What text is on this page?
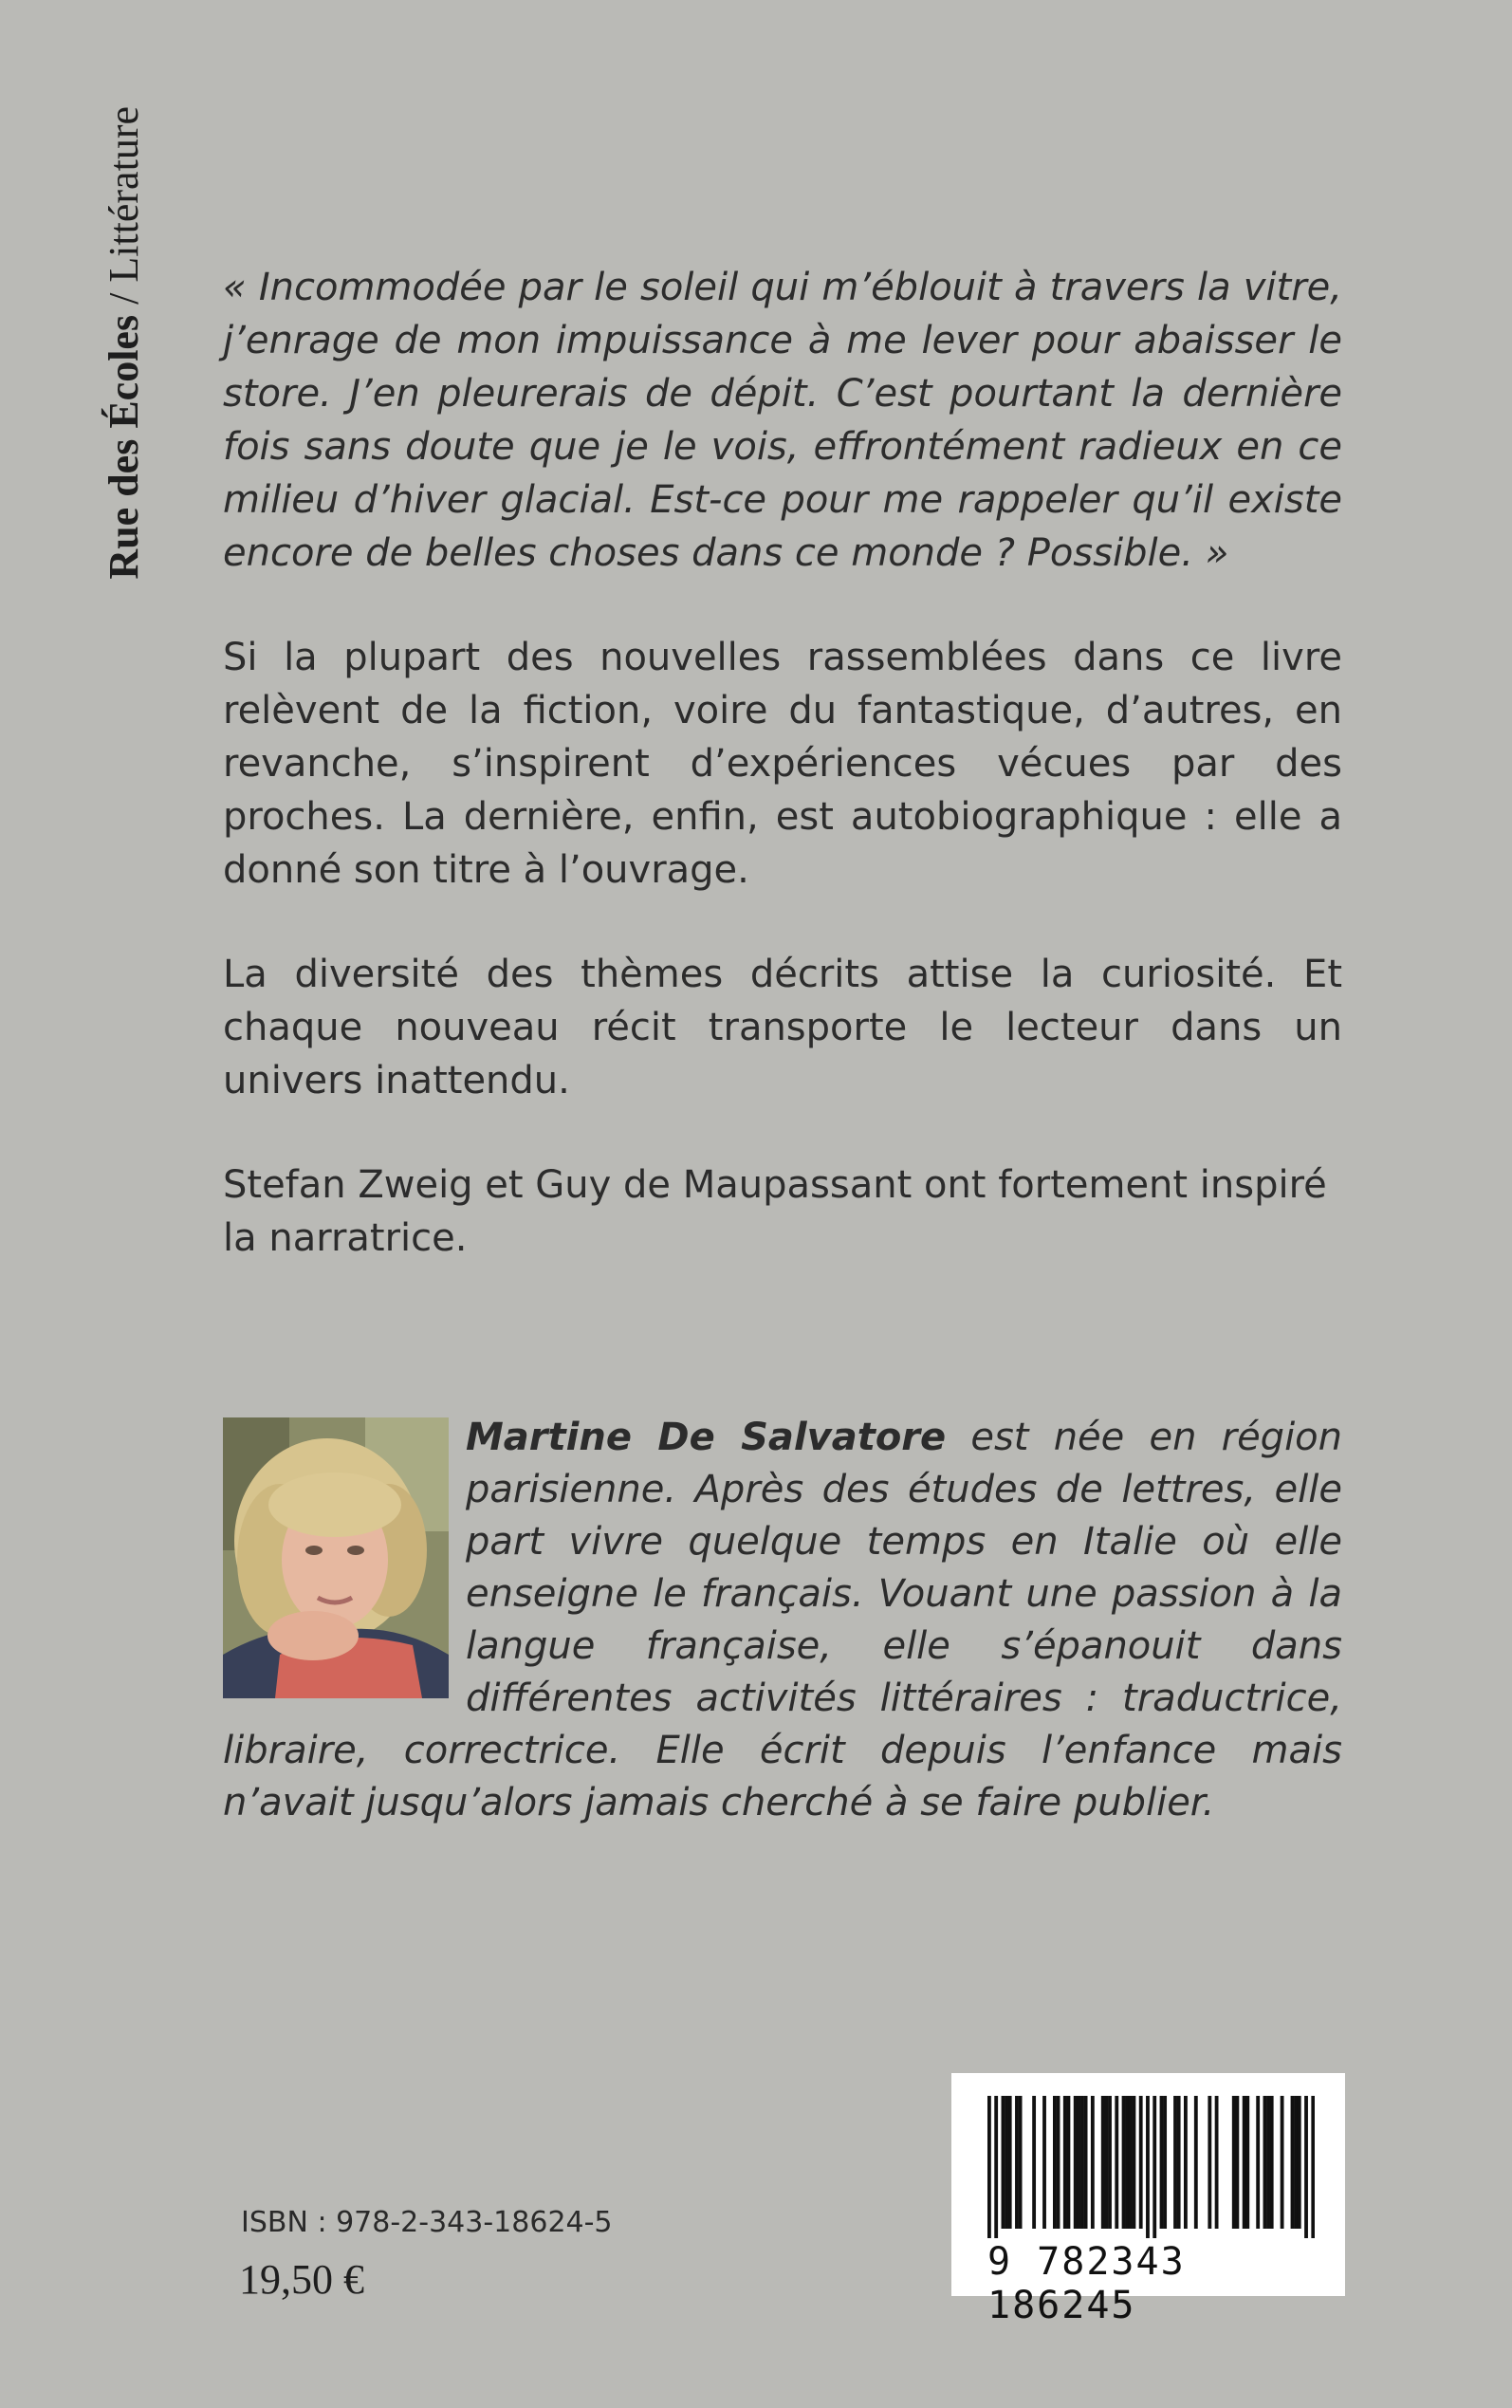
Rue des Écoles / Littérature

« Incommodée par le soleil qui m’éblouit à travers la vitre, j’enrage de mon impuissance à me lever pour abaisser le store. J’en pleurerais de dépit. C’est pourtant la dernière fois sans doute que je le vois, effrontément radieux en ce milieu d’hiver glacial. Est-ce pour me rappeler qu’il existe encore de belles choses dans ce monde ? Possible. »

Si la plupart des nouvelles rassemblées dans ce livre relèvent de la fiction, voire du fantastique, d’autres, en revanche, s’inspirent d’expériences vécues par des proches. La dernière, enfin, est autobiographique : elle a donné son titre à l’ouvrage.

La diversité des thèmes décrits attise la curiosité. Et chaque nouveau récit transporte le lecteur dans un univers inattendu.

Stefan Zweig et Guy de Maupassant ont fortement inspiré la narratrice.

Martine De Salvatore est née en région parisienne. Après des études de lettres, elle part vivre quelque temps en Italie où elle enseigne le français. Vouant une passion à la langue française, elle s’épanouit dans différentes activités littéraires : traductrice, libraire, correctrice. Elle écrit depuis l’enfance mais n’avait jusqu’alors jamais cherché à se faire publier.
ISBN : 978-2-343-18624-5
19,50 €	9 782343 186245
